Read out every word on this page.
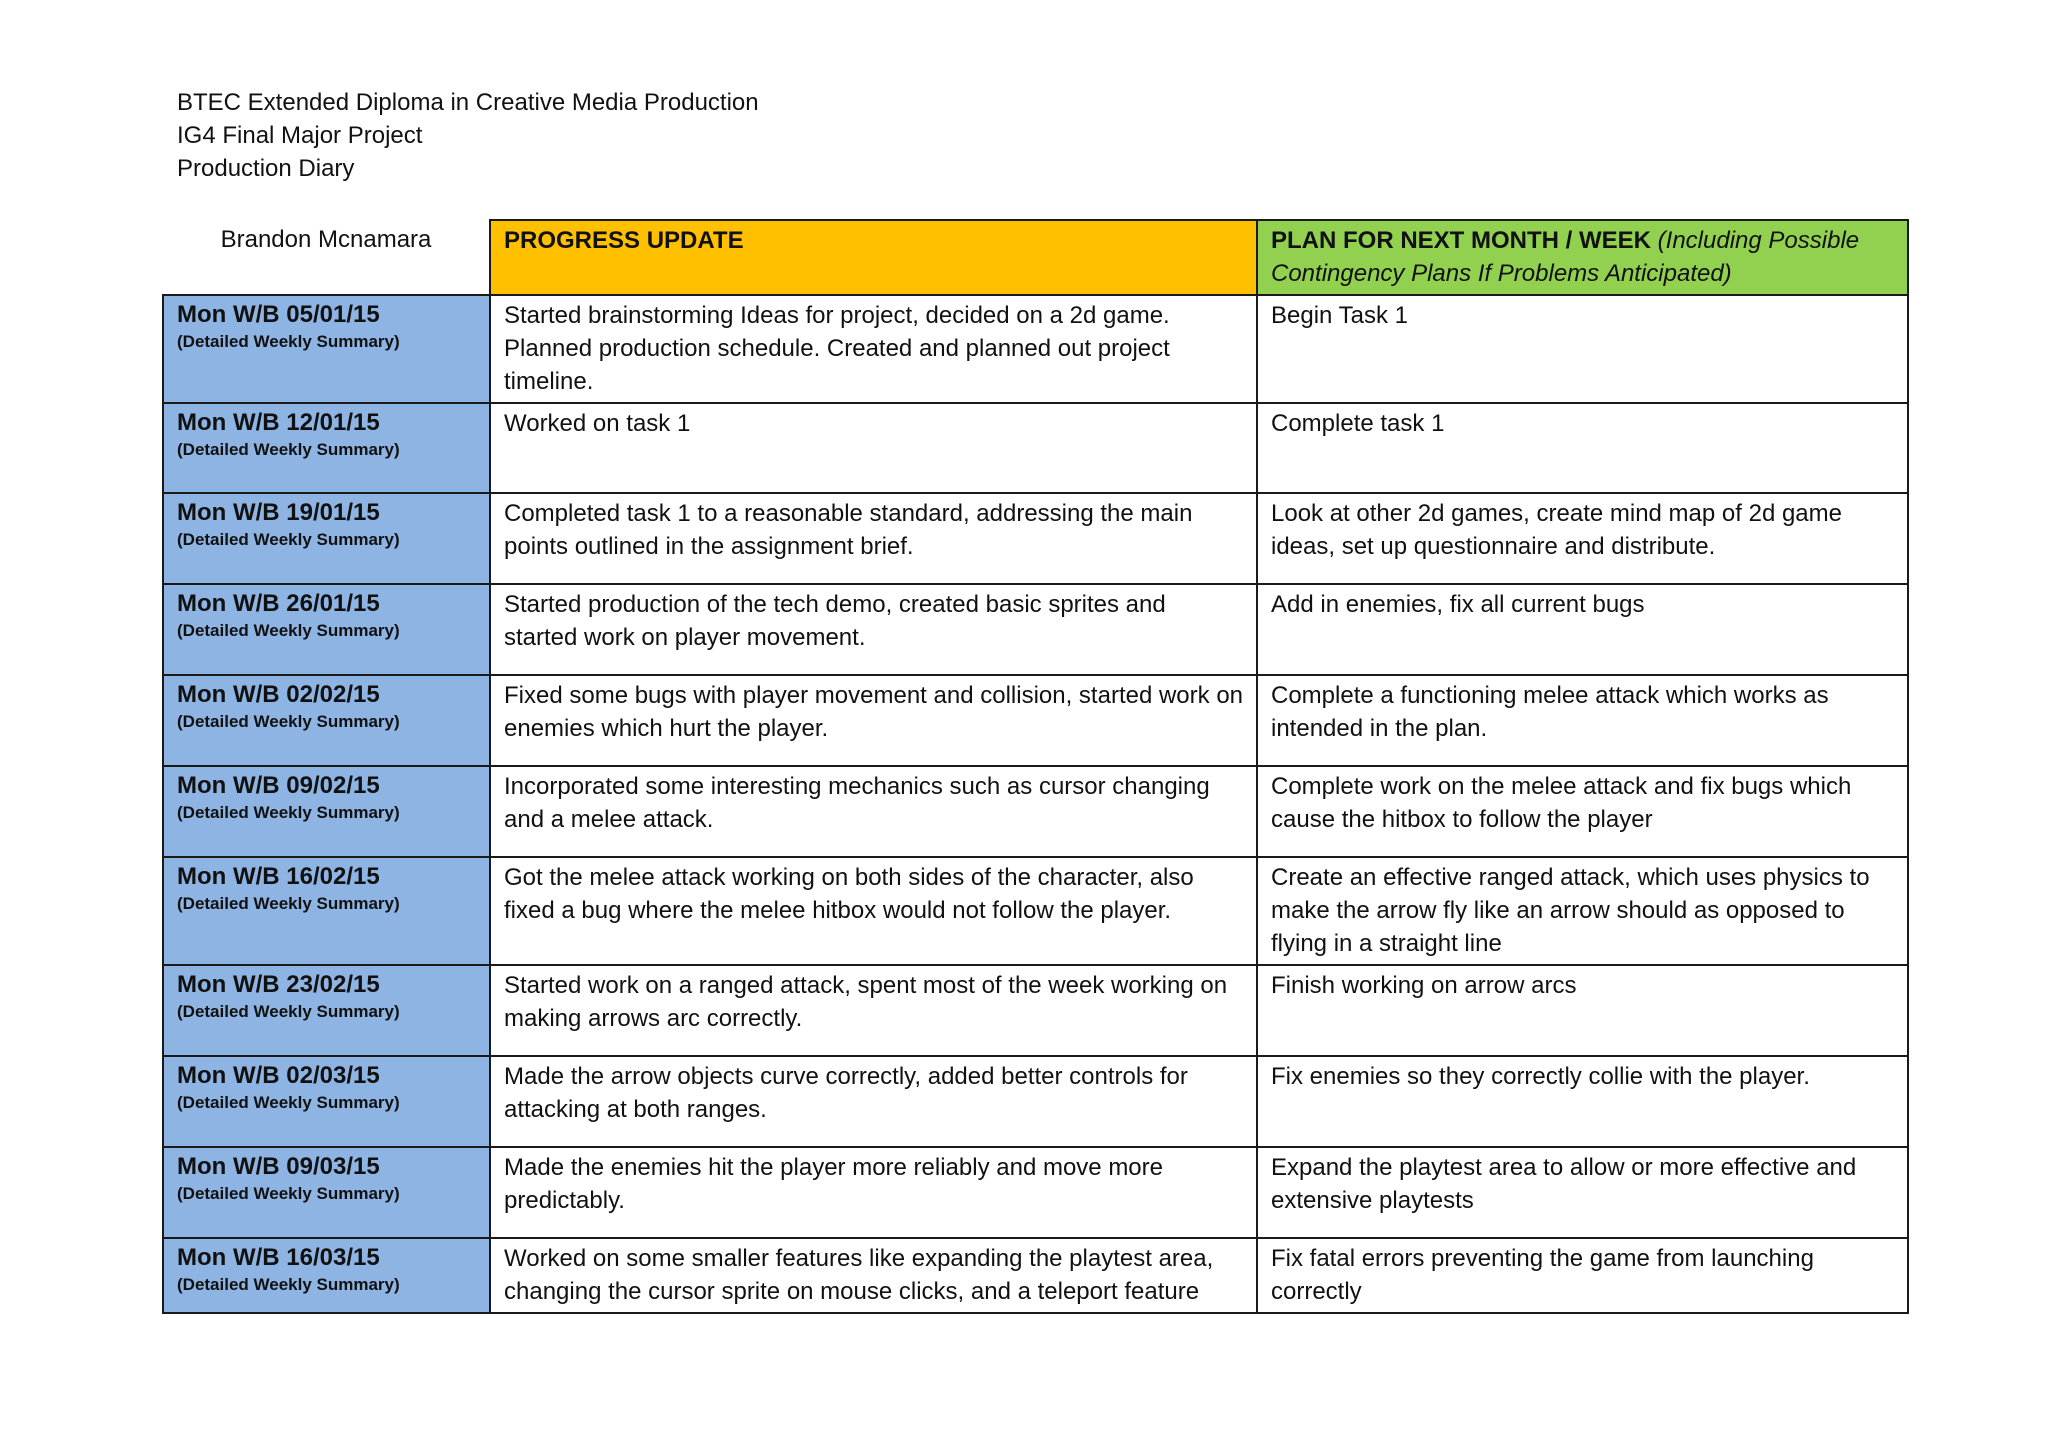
BTEC Extended Diploma in Creative Media Production
IG4 Final Major Project
Production Diary
Brandon Mcnamara	PROGRESS UPDATE	PLAN FOR NEXT MONTH / WEEK (Including Possible Contingency Plans If Problems Anticipated)

Mon W/B 05/01/15
(Detailed Weekly Summary)	Started brainstorming Ideas for project, decided on a 2d game. Planned production schedule. Created and planned out project timeline.	Begin Task 1

Mon W/B 12/01/15
(Detailed Weekly Summary)	Worked on task 1	Complete task 1

Mon W/B 19/01/15
(Detailed Weekly Summary)	Completed task 1 to a reasonable standard, addressing the main points outlined in the assignment brief.	Look at other 2d games, create mind map of 2d game ideas, set up questionnaire and distribute.

Mon W/B 26/01/15
(Detailed Weekly Summary)	Started production of the tech demo, created basic sprites and started work on player movement.	Add in enemies, fix all current bugs

Mon W/B 02/02/15
(Detailed Weekly Summary)	Fixed some bugs with player movement and collision, started work on enemies which hurt the player.	Complete a functioning melee attack which works as intended in the plan.

Mon W/B 09/02/15
(Detailed Weekly Summary)	Incorporated some interesting mechanics such as cursor changing and a melee attack.	Complete work on the melee attack and fix bugs which cause the hitbox to follow the player

Mon W/B 16/02/15
(Detailed Weekly Summary)	Got the melee attack working on both sides of the character, also fixed a bug where the melee hitbox would not follow the player.	Create an effective ranged attack, which uses physics to make the arrow fly like an arrow should as opposed to flying in a straight line

Mon W/B 23/02/15
(Detailed Weekly Summary)	Started work on a ranged attack, spent most of the week working on making arrows arc correctly.	Finish working on arrow arcs

Mon W/B 02/03/15
(Detailed Weekly Summary)	Made the arrow objects curve correctly, added better controls for attacking at both ranges.	Fix enemies so they correctly collie with the player.

Mon W/B 09/03/15
(Detailed Weekly Summary)	Made the enemies hit the player more reliably and move more predictably.	Expand the playtest area to allow or more effective and extensive playtests

Mon W/B 16/03/15
(Detailed Weekly Summary)	Worked on some smaller features like expanding the playtest area, changing the cursor sprite on mouse clicks, and a teleport feature	Fix fatal errors preventing the game from launching correctly
